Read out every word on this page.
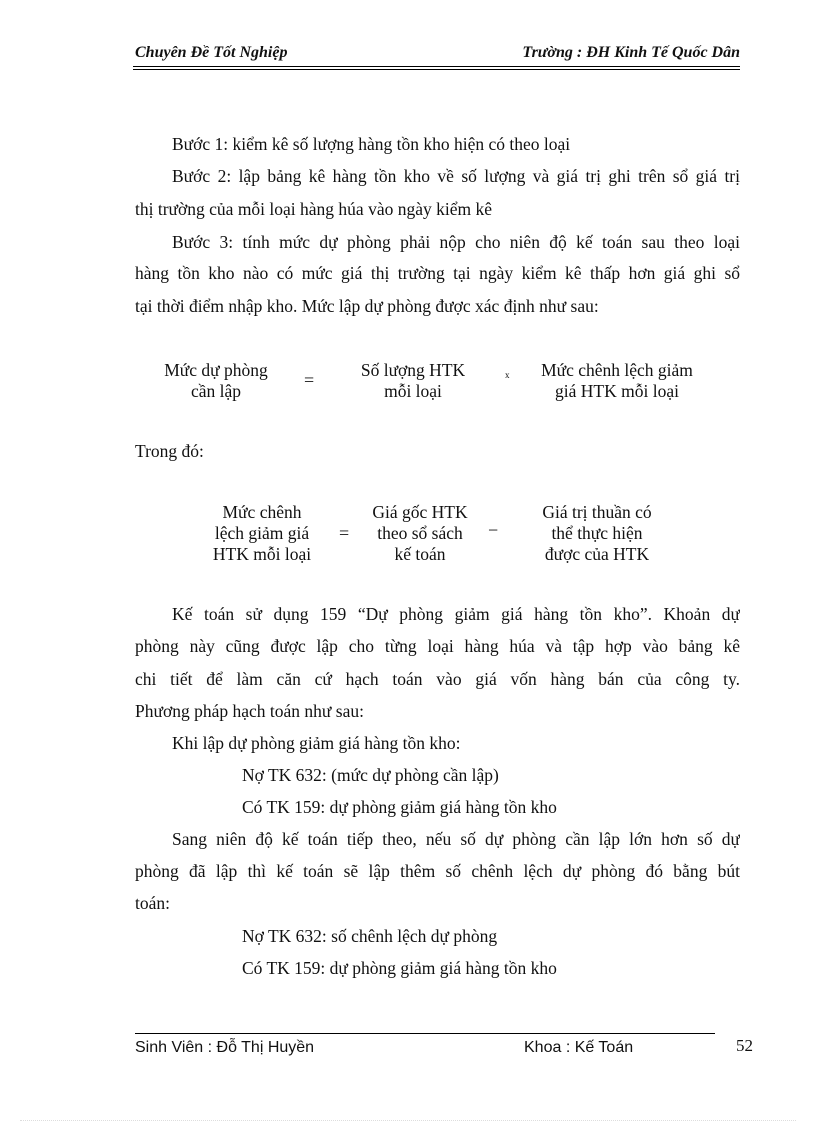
Chuyên Đề Tốt Nghiệp	Trường : ĐH Kinh Tế Quốc Dân
Bước 1: kiểm kê số lượng hàng tồn kho hiện có theo loại
Bước 2: lập bảng kê hàng tồn kho về số lượng và giá trị ghi trên sổ giá trị
thị trường của mỗi loại hàng húa vào ngày kiểm kê
Bước 3: tính mức dự phòng phải nộp cho niên độ kế toán sau theo loại
hàng tồn kho nào có mức giá thị trường tại ngày kiểm kê thấp hơn giá ghi sổ
tại thời điểm nhập kho. Mức lập dự phòng được xác định như sau:
Mức dự phòng
cần lập
=	Số lượng HTK
mỗi loại
x	Mức chênh lệch giảm
giá HTK mỗi loại
Trong đó:
Mức chênh
lệch giảm giá
HTK mỗi loại
=
Giá gốc HTK
theo sổ sách
kế toán
−
Giá trị thuần có
thể thực hiện
được của HTK
Kế toán sử dụng 159 “Dự phòng giảm giá hàng tồn kho”. Khoản dự
phòng này cũng được lập cho từng loại hàng húa và tập hợp vào bảng kê
chi tiết để làm căn cứ hạch toán vào giá vốn hàng bán của công ty.
Phương pháp hạch toán như sau:
Khi lập dự phòng giảm giá hàng tồn kho:
Nợ TK 632: (mức dự phòng cần lập)
Có TK 159: dự phòng giảm giá hàng tồn kho
Sang niên độ kế toán tiếp theo, nếu số dự phòng cần lập lớn hơn số dự
phòng đã lập thì kế toán sẽ lập thêm số chênh lệch dự phòng đó bằng bút
toán:
Nợ TK 632: số chênh lệch dự phòng
Có TK 159: dự phòng giảm giá hàng tồn kho
Sinh Viên : Đỗ Thị Huyền	Khoa : Kế Toán	52
